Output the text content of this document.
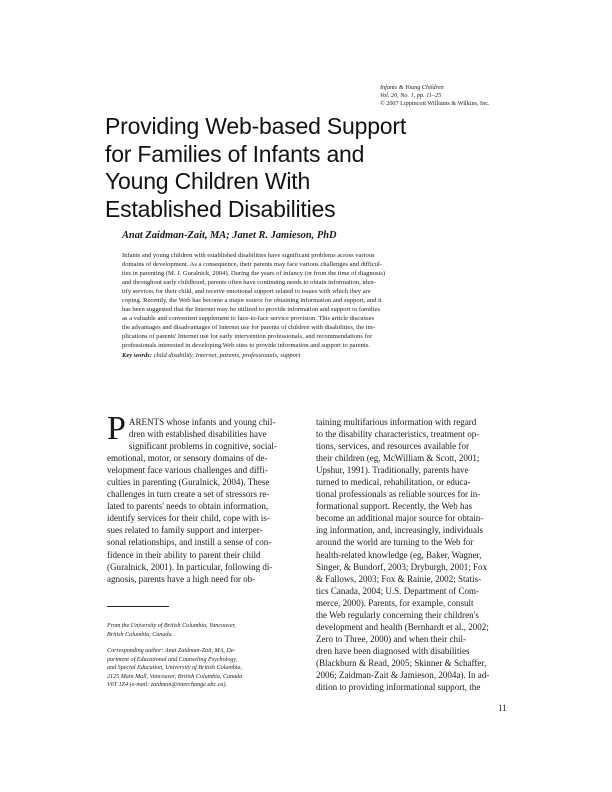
Infants & Young Children
Vol. 20, No. 1, pp. 11–25
© 2007 Lippincott Williams & Wilkins, Inc.
Providing Web-based Support
for Families of Infants and
Young Children With
Established Disabilities
Anat Zaidman-Zait, MA; Janet R. Jamieson, PhD
Infants and young children with established disabilities have significant problems across various
domains of development. As a consequence, their parents may face various challenges and difficul-
ties in parenting (M. J. Guralnick, 2004). During the years of infancy (or from the time of diagnosis)
and throughout early childhood, parents often have continuing needs to obtain information, iden-
tify services for their child, and receive emotional support related to issues with which they are
coping. Recently, the Web has become a major source for obtaining information and support, and it
has been suggested that the Internet may be utilized to provide information and support to families
as a valuable and convenient supplement to face-to-face service provision. This article discusses
the advantages and disadvantages of Internet use for parents of children with disabilities, the im-
plications of parents' Internet use for early intervention professionals, and recommendations for
professionals interested in developing Web sites to provide information and support to parents.
Key words: child disability, Internet, parents, professionals, support
P ARENTS whose infants and young chil-
dren with established disabilities have
significant problems in cognitive, social-
emotional, motor, or sensory domains of de-
velopment face various challenges and diffi-
culties in parenting (Guralnick, 2004). These
challenges in turn create a set of stressors re-
lated to parents' needs to obtain information,
identify services for their child, cope with is-
sues related to family support and interper-
sonal relationships, and instill a sense of con-
fidence in their ability to parent their child
(Guralnick, 2001). In particular, following di-
agnosis, parents have a high need for ob-
taining multifarious information with regard
to the disability characteristics, treatment op-
tions, services, and resources available for
their children (eg, McWilliam & Scott, 2001;
Upshur, 1991). Traditionally, parents have
turned to medical, rehabilitation, or educa-
tional professionals as reliable sources for in-
formational support. Recently, the Web has
become an additional major source for obtain-
ing information, and, increasingly, individuals
around the world are turning to the Web for
health-related knowledge (eg, Baker, Wagner,
Singer, & Bundorf, 2003; Dryburgh, 2001; Fox
& Fallows, 2003; Fox & Rainie, 2002; Statis-
tics Canada, 2004; U.S. Department of Com-
merce, 2000). Parents, for example, consult
the Web regularly concerning their children's
development and health (Bernhardt et al., 2002;
Zero to Three, 2000) and when their chil-
dren have been diagnosed with disabilities
(Blackburn & Read, 2005; Skinner & Schaffer,
2006; Zaidman-Zait & Jamieson, 2004a). In ad-
dition to providing informational support, the
From the University of British Columbia, Vancouver,
British Columbia, Canada.
Corresponding author: Anat Zaidman-Zait, MA, De-
partment of Educational and Counseling Psychology,
and Special Education, University of British Columbia,
2125 Main Mall, Vancouver, British Columbia, Canada
V6T 1Z4 (e-mail: zaidman@interchange.ubc.ca).
11
